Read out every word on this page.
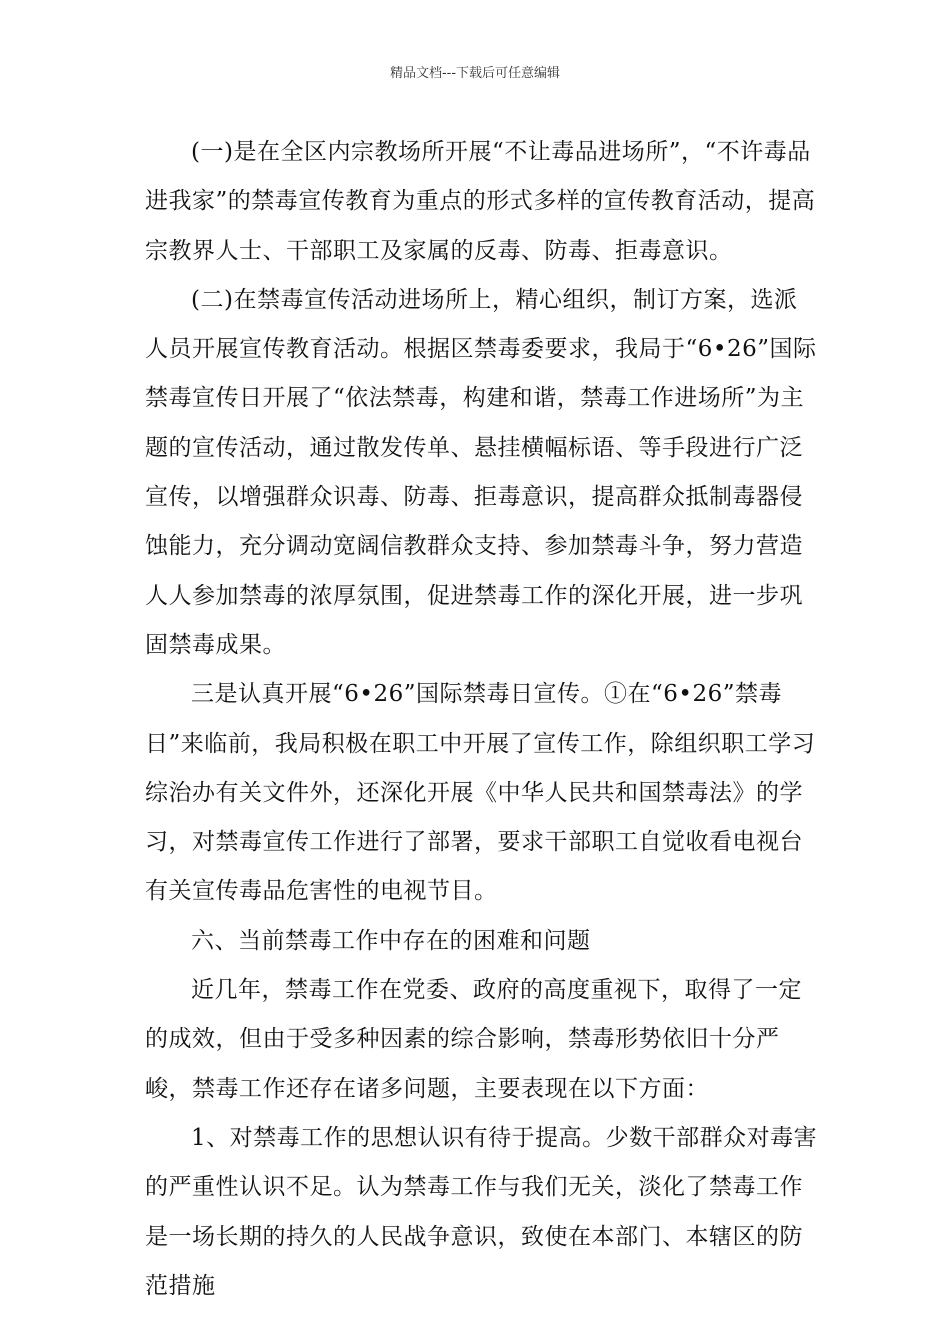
精品文档---下载后可任意编辑

(一)是在全区内宗教场所开展“不让毒品进场所”，“不许毒品进我家”的禁毒宣传教育为重点的形式多样的宣传教育活动，提高宗教界人士、干部职工及家属的反毒、防毒、拒毒意识。

(二)在禁毒宣传活动进场所上，精心组织，制订方案，选派人员开展宣传教育活动。根据区禁毒委要求，我局于“6•26”国际禁毒宣传日开展了“依法禁毒，构建和谐，禁毒工作进场所”为主题的宣传活动，通过散发传单、悬挂横幅标语、等手段进行广泛宣传，以增强群众识毒、防毒、拒毒意识，提高群众抵制毒器侵蚀能力，充分调动宽阔信教群众支持、参加禁毒斗争，努力营造人人参加禁毒的浓厚氛围，促进禁毒工作的深化开展，进一步巩固禁毒成果。

三是认真开展“6•26”国际禁毒日宣传。①在“6•26”禁毒日”来临前，我局积极在职工中开展了宣传工作，除组织职工学习综治办有关文件外，还深化开展《中华人民共和国禁毒法》的学习，对禁毒宣传工作进行了部署，要求干部职工自觉收看电视台有关宣传毒品危害性的电视节目。

六、当前禁毒工作中存在的困难和问题

近几年，禁毒工作在党委、政府的高度重视下，取得了一定的成效，但由于受多种因素的综合影响，禁毒形势依旧十分严峻，禁毒工作还存在诸多问题，主要表现在以下方面：

1、对禁毒工作的思想认识有待于提高。少数干部群众对毒害的严重性认识不足。认为禁毒工作与我们无关，淡化了禁毒工作是一场长期的持久的人民战争意识，致使在本部门、本辖区的防范措施
